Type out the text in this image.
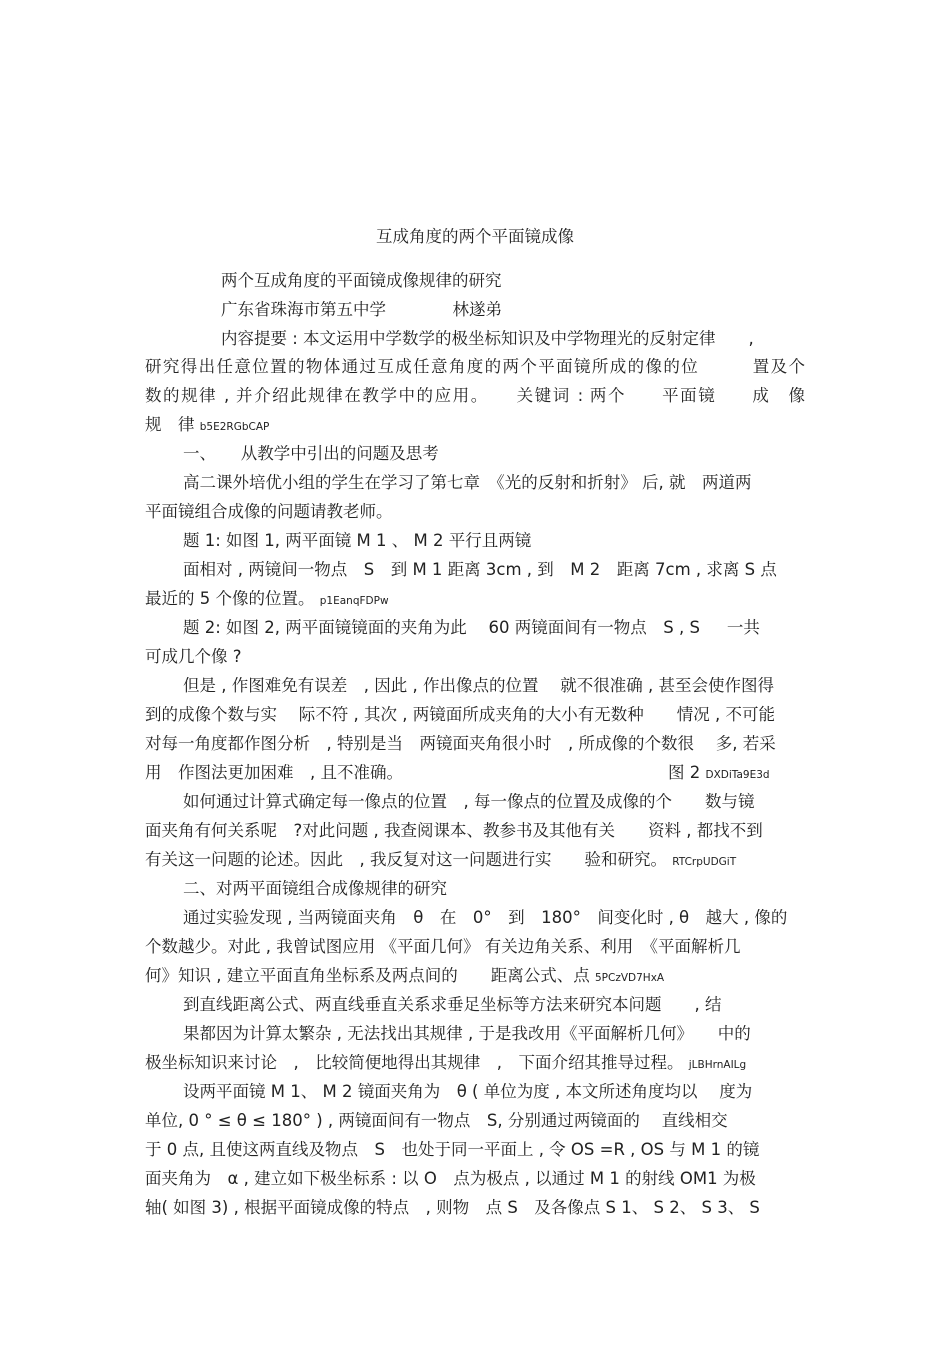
互成角度的两个平面镜成像
两个互成角度的平面镜成像规律的研究
广东省珠海市第五中学	林遂弟
内容提要 : 本文运用中学数学的极坐标知识及中学物理光的反射定律　　,
研究得出任意位置的物体通过互成任意角度的两个平面镜所成的像的位　　　置及个
数的规律 , 并介绍此规律在教学中的应用。　　关键词 : 两个　　平面镜　　成　像
规　律 b5E2RGbCAP
一、　　从教学中引出的问题及思考
高二课外培优小组的学生在学习了第七章　《光的反射和折射》 后, 就　两道两
平面镜组合成像的问题请教老师。
题 1: 如图 1, 两平面镜 M 1 、 M 2 平行且两镜
面相对 , 两镜间一物点　S　到 M 1 距离 3cm , 到　M 2　距离 7cm , 求离 S 点
最近的 5 个像的位置。 p1EanqFDPw
题 2: 如图 2, 两平面镜镜面的夹角为此　 60 两镜面间有一物点　S , S 　 一共
可成几个像 ?
但是 , 作图难免有误差　, 因此 , 作出像点的位置　 就不很准确 , 甚至会使作图得
到的成像个数与实　 际不符 , 其次 , 两镜面所成夹角的大小有无数种　　情况 , 不可能
对每一角度都作图分析　, 特别是当　两镜面夹角很小时　, 所成像的个数很　 多, 若采
用　作图法更加困难　, 且不准确。	图 2 DXDiTa9E3d
如何通过计算式确定每一像点的位置　, 每一像点的位置及成像的个　　数与镜
面夹角有何关系呢　?对此问题 , 我查阅课本、教参书及其他有关　　资料 , 都找不到
有关这一问题的论述。因此　, 我反复对这一问题进行实　　验和研究。 RTCrpUDGiT
二、对两平面镜组合成像规律的研究
通过实验发现 , 当两镜面夹角　θ　在　0°　到　180°　间变化时 , θ　越大 , 像的
个数越少。对此 , 我曾试图应用 《平面几何》 有关边角关系、利用　《平面解析几
何》知识 , 建立平面直角坐标系及两点间的　　距离公式、点 5PCzVD7HxA
到直线距离公式、两直线垂直关系求垂足坐标等方法来研究本问题　　, 结
果都因为计算太繁杂 , 无法找出其规律 , 于是我改用《平面解析几何》　　中的
极坐标知识来讨论　,　比较简便地得出其规律　,　下面介绍其推导过程。 jLBHrnAILg
设两平面镜 M 1、 M 2 镜面夹角为　θ ( 单位为度 , 本文所述角度均以　 度为
单位, 0 ° ≤ θ ≤ 180° ) , 两镜面间有一物点　S, 分别通过两镜面的　 直线相交
于 0 点, 且使这两直线及物点　S　也处于同一平面上 , 令 OS =R , OS 与 M 1 的镜
面夹角为　α , 建立如下极坐标系 : 以 O　点为极点 , 以通过 M 1 的射线 OM1 为极
轴( 如图 3) , 根据平面镜成像的特点　, 则物　点 S　及各像点 S 1、 S 2、 S 3、 S
